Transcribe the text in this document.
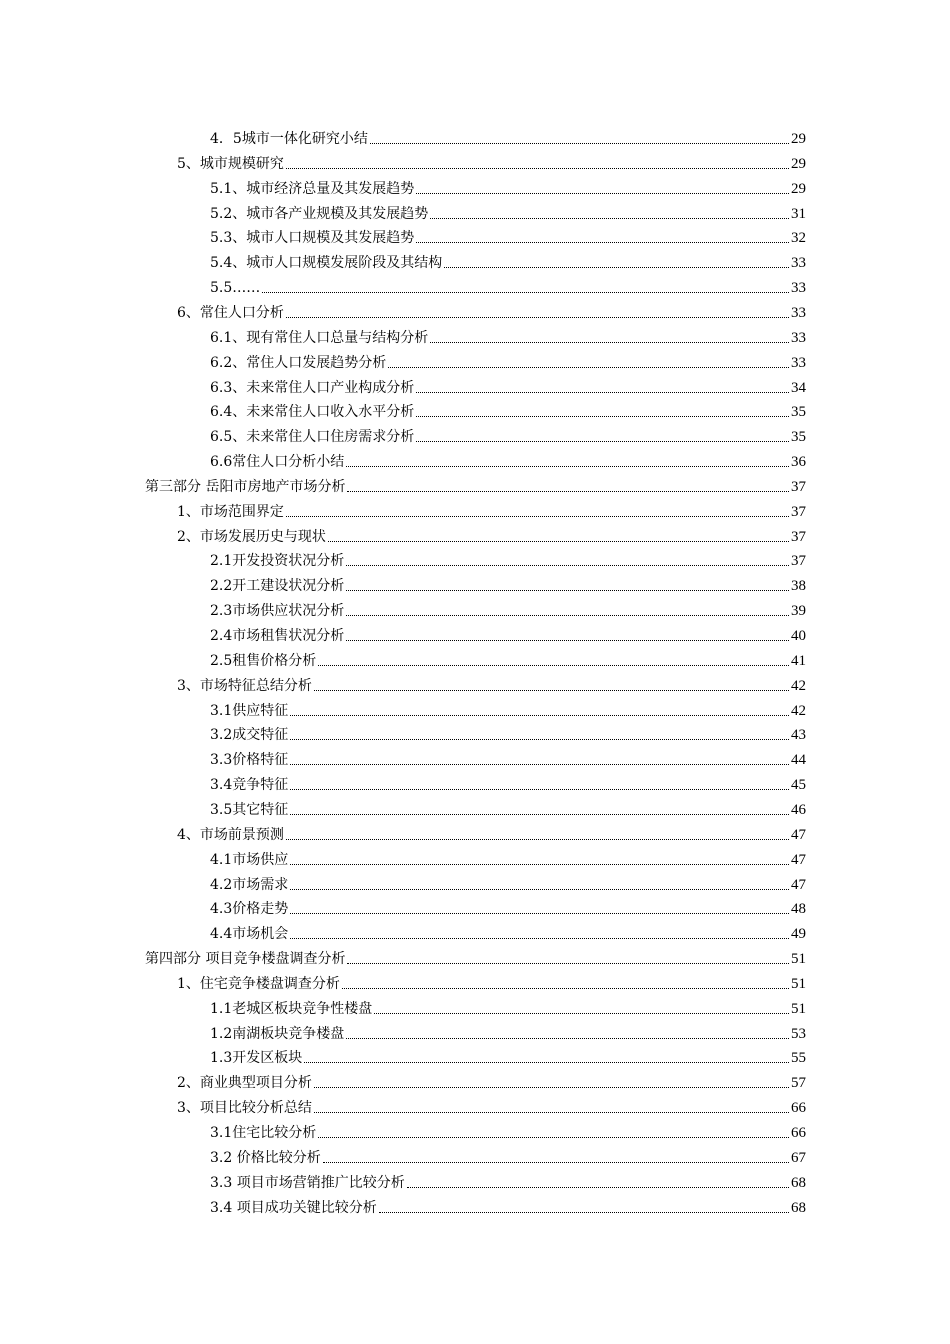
4．5城市一体化研究小结	29
5、城市规模研究	29
5.1、城市经济总量及其发展趋势	29
5.2、城市各产业规模及其发展趋势	31
5.3、城市人口规模及其发展趋势	32
5.4、城市人口规模发展阶段及其结构	33
5.5……	33
6、常住人口分析	33
6.1、现有常住人口总量与结构分析	33
6.2、常住人口发展趋势分析	33
6.3、未来常住人口产业构成分析	34
6.4、未来常住人口收入水平分析	35
6.5、未来常住人口住房需求分析	35
6.6常住人口分析小结	36
第三部分 岳阳市房地产市场分析	37
1、市场范围界定	37
2、市场发展历史与现状	37
2.1开发投资状况分析	37
2.2开工建设状况分析	38
2.3市场供应状况分析	39
2.4市场租售状况分析	40
2.5租售价格分析	41
3、市场特征总结分析	42
3.1供应特征	42
3.2成交特征	43
3.3价格特征	44
3.4竞争特征	45
3.5其它特征	46
4、市场前景预测	47
4.1市场供应	47
4.2市场需求	47
4.3价格走势	48
4.4市场机会	49
第四部分 项目竞争楼盘调查分析	51
1、住宅竞争楼盘调查分析	51
1.1老城区板块竞争性楼盘	51
1.2南湖板块竞争楼盘	53
1.3开发区板块	55
2、商业典型项目分析	57
3、项目比较分析总结	66
3.1住宅比较分析	66
3.2 价格比较分析	67
3.3 项目市场营销推广比较分析	68
3.4 项目成功关键比较分析	68
